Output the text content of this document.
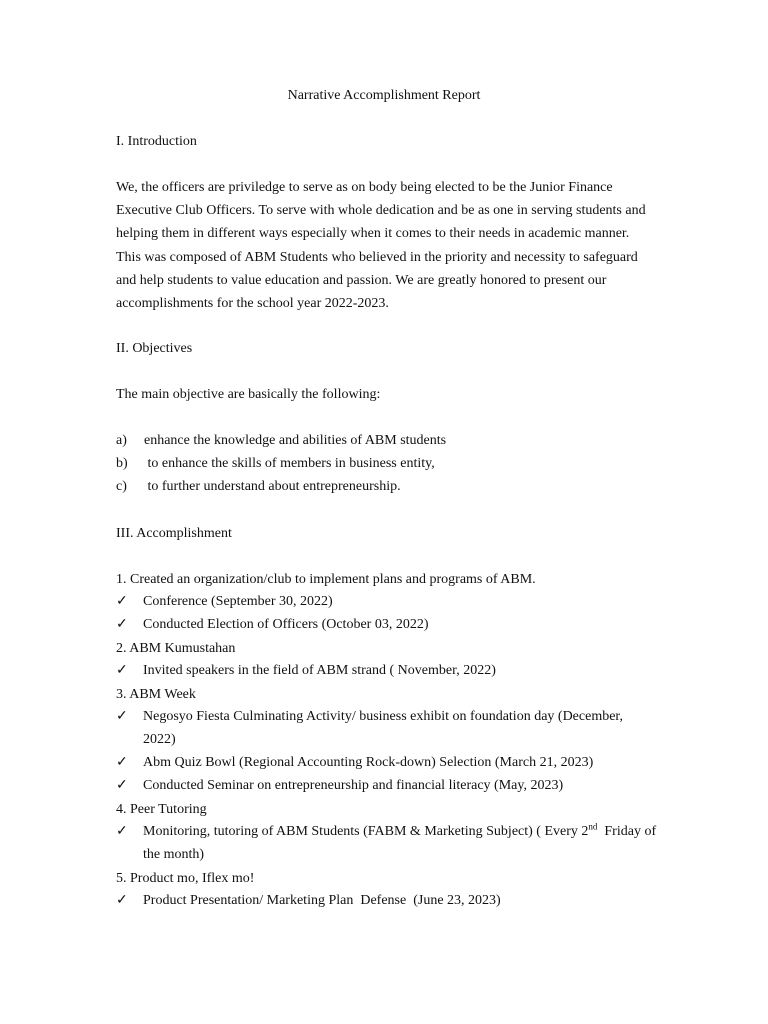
Narrative Accomplishment Report
I. Introduction
We, the officers are priviledge to serve as on body being elected to be the Junior Finance Executive Club Officers. To serve with whole dedication and be as one in serving students and helping them in different ways especially when it comes to their needs in academic manner. This was composed of ABM Students who believed in the priority and necessity to safeguard and help students to value education and passion. We are greatly honored to present our accomplishments for the school year 2022-2023.
II. Objectives
The main objective are basically the following:
a) enhance the knowledge and abilities of ABM students
b) to enhance the skills of members in business entity,
c) to further understand about entrepreneurship.
III. Accomplishment
1. Created an organization/club to implement plans and programs of ABM.
✓	Conference (September 30, 2022)
✓	Conducted Election of Officers (October 03, 2022)
2. ABM Kumustahan
✓	Invited speakers in the field of ABM strand ( November, 2022)
3. ABM Week
✓	Negosyo Fiesta Culminating Activity/ business exhibit on foundation day (December, 2022)
✓	Abm Quiz Bowl (Regional Accounting Rock-down) Selection (March 21, 2023)
✓	Conducted Seminar on entrepreneurship and financial literacy (May, 2023)
4. Peer Tutoring
✓	Monitoring, tutoring of ABM Students (FABM & Marketing Subject) ( Every 2nd  Friday of the month)
5. Product mo, Iflex mo!
✓	Product Presentation/ Marketing Plan  Defense  (June 23, 2023)
